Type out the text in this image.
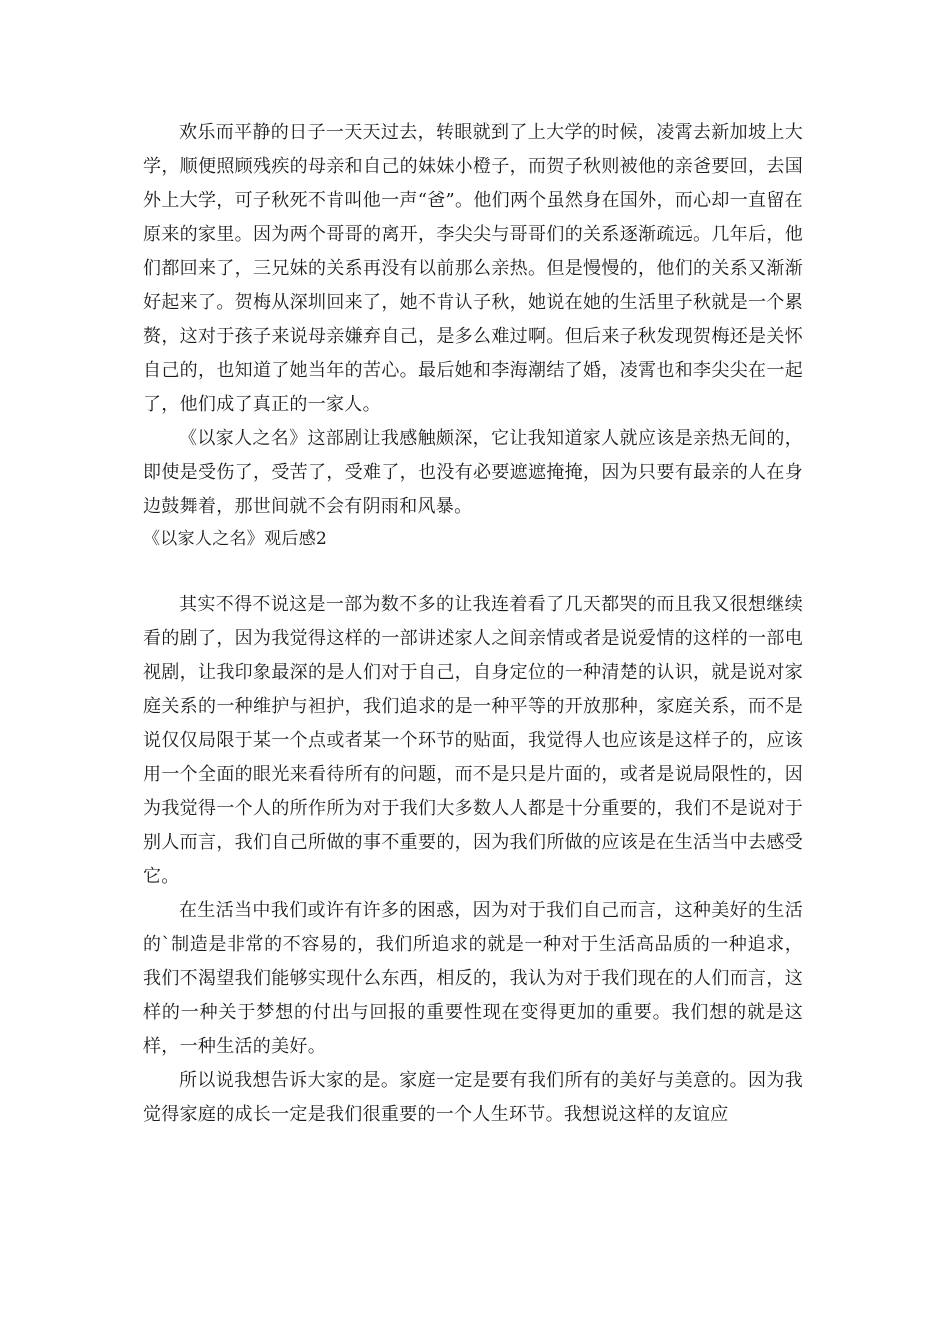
欢乐而平静的日子一天天过去，转眼就到了上大学的时候，凌霄去新加坡上大学，顺便照顾残疾的母亲和自己的妹妹小橙子，而贺子秋则被他的亲爸要回，去国外上大学，可子秋死不肯叫他一声“爸”。他们两个虽然身在国外，而心却一直留在原来的家里。因为两个哥哥的离开，李尖尖与哥哥们的关系逐渐疏远。几年后，他们都回来了，三兄妹的关系再没有以前那么亲热。但是慢慢的，他们的关系又渐渐好起来了。贺梅从深圳回来了，她不肯认子秋，她说在她的生活里子秋就是一个累赘，这对于孩子来说母亲嫌弃自己，是多么难过啊。但后来子秋发现贺梅还是关怀自己的，也知道了她当年的苦心。最后她和李海潮结了婚，凌霄也和李尖尖在一起了，他们成了真正的一家人。

《以家人之名》这部剧让我感触颇深，它让我知道家人就应该是亲热无间的，即使是受伤了，受苦了，受难了，也没有必要遮遮掩掩，因为只要有最亲的人在身边鼓舞着，那世间就不会有阴雨和风暴。

《以家人之名》观后感2

其实不得不说这是一部为数不多的让我连着看了几天都哭的而且我又很想继续看的剧了，因为我觉得这样的一部讲述家人之间亲情或者是说爱情的这样的一部电视剧，让我印象最深的是人们对于自己，自身定位的一种清楚的认识，就是说对家庭关系的一种维护与袒护，我们追求的是一种平等的开放那种，家庭关系，而不是说仅仅局限于某一个点或者某一个环节的贴面，我觉得人也应该是这样子的，应该用一个全面的眼光来看待所有的问题，而不是只是片面的，或者是说局限性的，因为我觉得一个人的所作所为对于我们大多数人人都是十分重要的，我们不是说对于别人而言，我们自己所做的事不重要的，因为我们所做的应该是在生活当中去感受它。

在生活当中我们或许有许多的困惑，因为对于我们自己而言，这种美好的生活的`制造是非常的不容易的，我们所追求的就是一种对于生活高品质的一种追求，我们不渴望我们能够实现什么东西，相反的，我认为对于我们现在的人们而言，这样的一种关于梦想的付出与回报的重要性现在变得更加的重要。我们想的就是这样，一种生活的美好。

所以说我想告诉大家的是。家庭一定是要有我们所有的美好与美意的。因为我觉得家庭的成长一定是我们很重要的一个人生环节。我想说这样的友谊应
